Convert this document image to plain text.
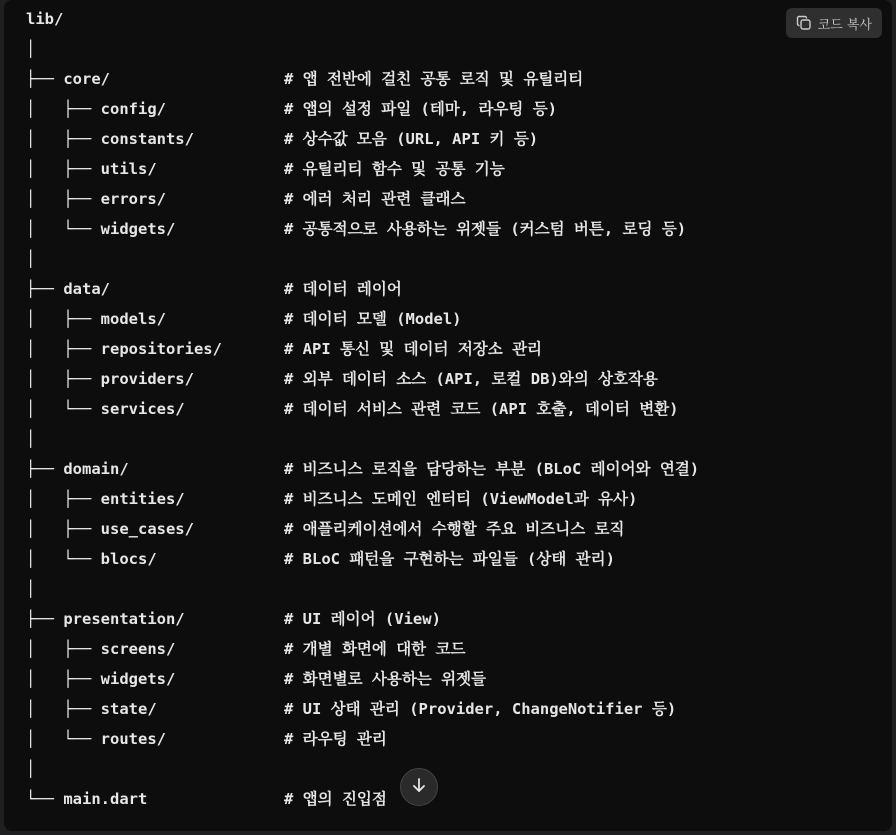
코드 복사
lib/
│
├── core/	# 앱 전반에 걸친 공통 로직 및 유틸리티
│   ├── config/	# 앱의 설정 파일 (테마, 라우팅 등)
│   ├── constants/	# 상수값 모음 (URL, API 키 등)
│   ├── utils/	# 유틸리티 함수 및 공통 기능
│   ├── errors/	# 에러 처리 관련 클래스
│   └── widgets/	# 공통적으로 사용하는 위젯들 (커스텀 버튼, 로딩 등)
│
├── data/	# 데이터 레이어
│   ├── models/	# 데이터 모델 (Model)
│   ├── repositories/	# API 통신 및 데이터 저장소 관리
│   ├── providers/	# 외부 데이터 소스 (API, 로컬 DB)와의 상호작용
│   └── services/	# 데이터 서비스 관련 코드 (API 호출, 데이터 변환)
│
├── domain/	# 비즈니스 로직을 담당하는 부분 (BLoC 레이어와 연결)
│   ├── entities/	# 비즈니스 도메인 엔터티 (ViewModel과 유사)
│   ├── use_cases/	# 애플리케이션에서 수행할 주요 비즈니스 로직
│   └── blocs/	# BLoC 패턴을 구현하는 파일들 (상태 관리)
│
├── presentation/	# UI 레이어 (View)
│   ├── screens/	# 개별 화면에 대한 코드
│   ├── widgets/	# 화면별로 사용하는 위젯들
│   ├── state/	# UI 상태 관리 (Provider, ChangeNotifier 등)
│   └── routes/	# 라우팅 관리
│
└── main.dart	# 앱의 진입점
